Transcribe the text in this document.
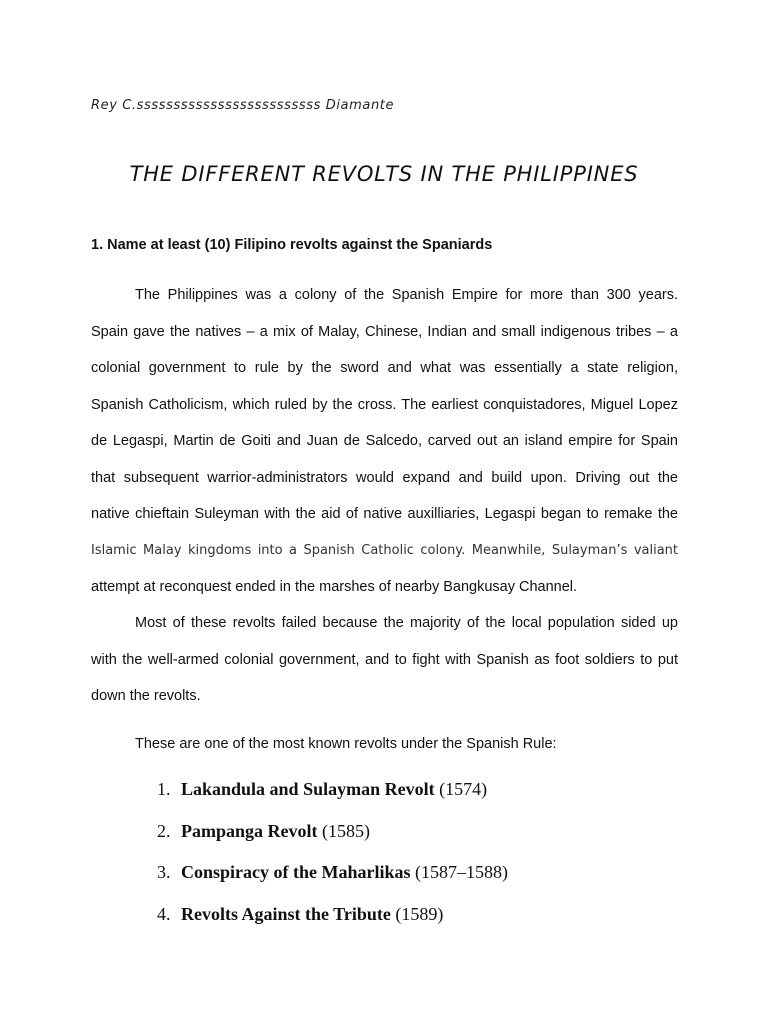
Rey C.sssssssssssssssssssssssss Diamante
THE DIFFERENT REVOLTS IN THE PHILIPPINES
1. Name at least (10) Filipino revolts against the Spaniards
The Philippines was a colony of the Spanish Empire for more than 300 years.
Spain gave the natives – a mix of Malay, Chinese, Indian and small indigenous tribes – a
colonial government to rule by the sword and what was essentially a state religion,
Spanish Catholicism, which ruled by the cross. The earliest conquistadores, Miguel Lopez
de Legaspi, Martin de Goiti and Juan de Salcedo, carved out an island empire for Spain
that subsequent warrior-administrators would expand and build upon. Driving out the
native chieftain Suleyman with the aid of native auxilliaries, Legaspi began to remake the
Islamic Malay kingdoms into a Spanish Catholic colony. Meanwhile, Sulayman’s valiant
attempt at reconquest ended in the marshes of nearby Bangkusay Channel.
Most of these revolts failed because the majority of the local population sided up
with the well-armed colonial government, and to fight with Spanish as foot soldiers to put
down the revolts.
These are one of the most known revolts under the Spanish Rule:
1. Lakandula and Sulayman Revolt (1574)
2. Pampanga Revolt (1585)
3. Conspiracy of the Maharlikas (1587–1588)
4. Revolts Against the Tribute (1589)
